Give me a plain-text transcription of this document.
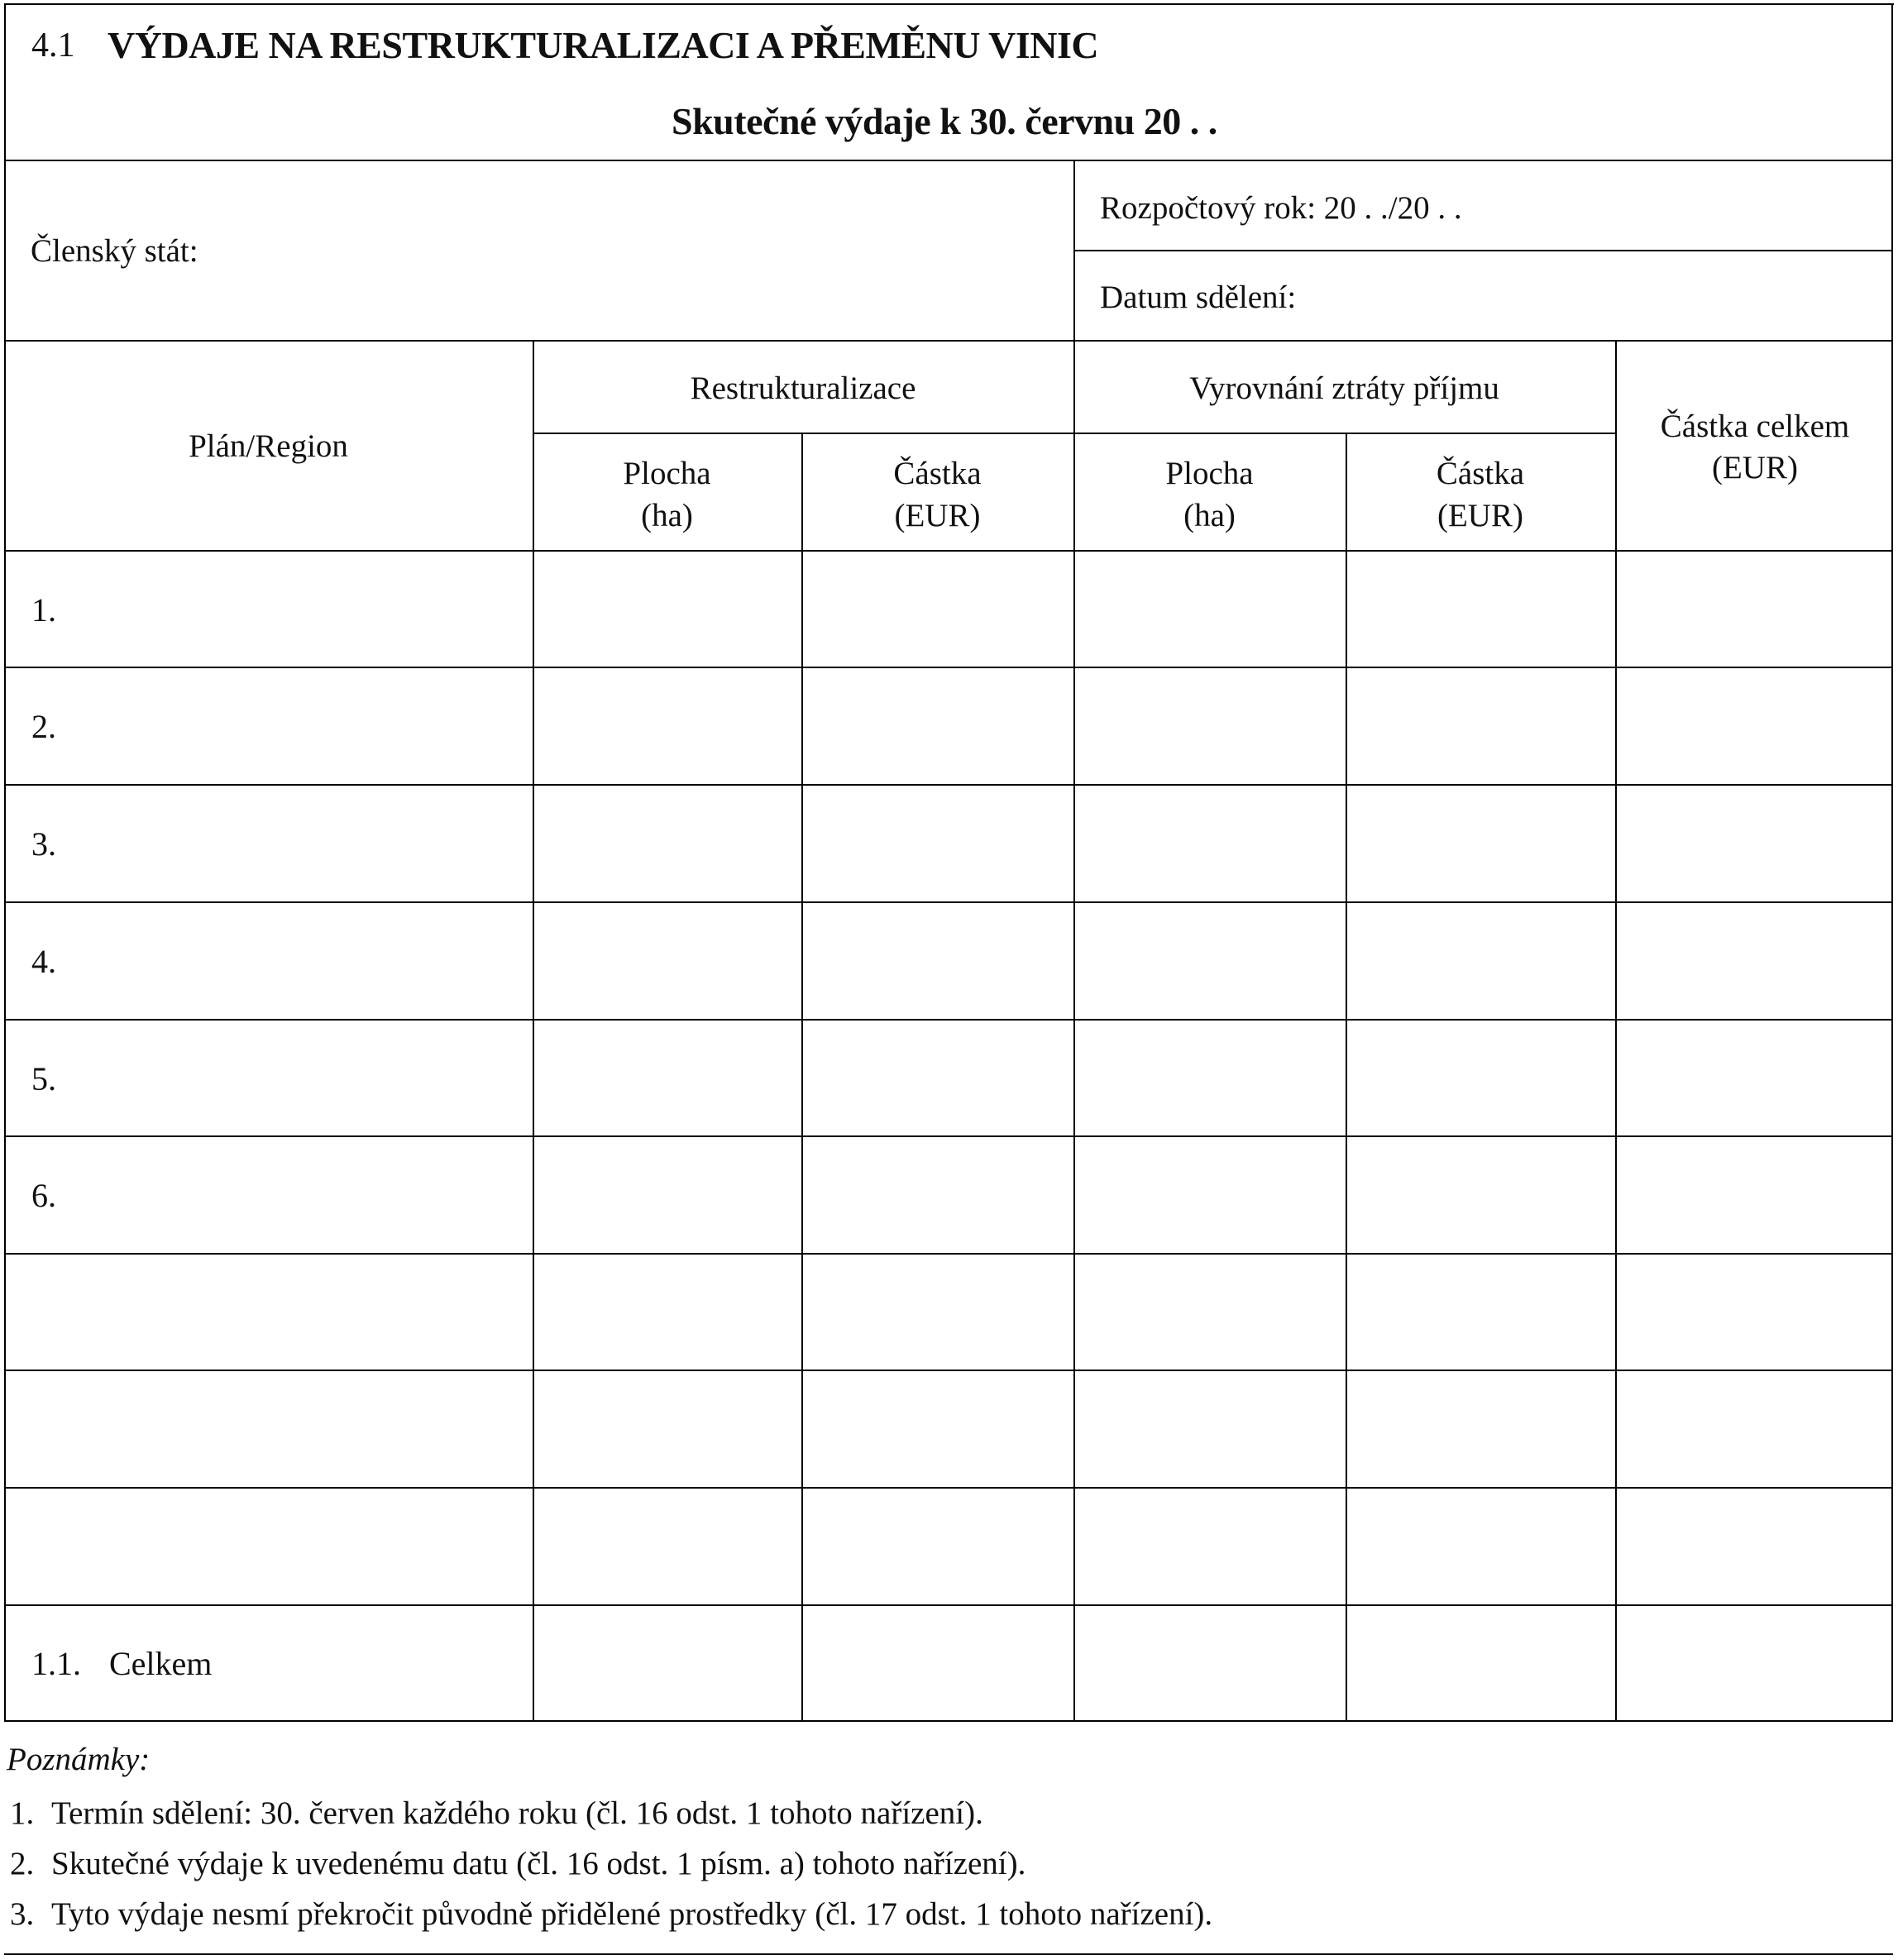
4.1 VÝDAJE NA RESTRUKTURALIZACI A PŘEMĚNU VINIC
Skutečné výdaje k 30. červnu 20 . .
Členský stát:
Rozpočtový rok: 20 . ./20 . .
Datum sdělení:
Plán/Region
Restrukturalizace	Vyrovnání ztráty příjmu
Plocha
(ha)
Částka
(EUR)
Plocha
(ha)
Částka
(EUR)
Částka celkem
(EUR)
1.
2.
3.
4.
5.
6.
1.1. Celkem
Poznámky:
1. Termín sdělení: 30. červen každého roku (čl. 16 odst. 1 tohoto nařízení).
2. Skutečné výdaje k uvedenému datu (čl. 16 odst. 1 písm. a) tohoto nařízení).
3. Tyto výdaje nesmí překročit původně přidělené prostředky (čl. 17 odst. 1 tohoto nařízení).
